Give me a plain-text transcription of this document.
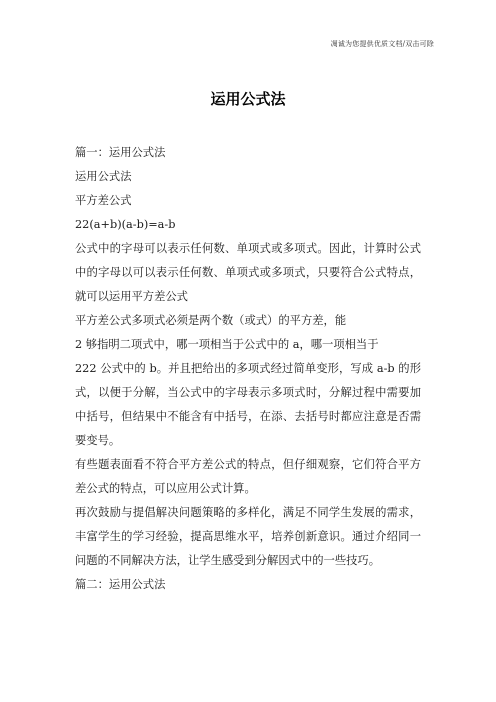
凋诚为您提供优质文档/双击可除
运用公式法
篇一：运用公式法
运用公式法
平方差公式
22(a+b)(a-b)=a-b
公式中的字母可以表示任何数、单项式或多项式。因此，计算时公式
中的字母以可以表示任何数、单项式或多项式，只要符合公式特点，
就可以运用平方差公式
平方差公式多项式必须是两个数（或式）的平方差，能
2 够指明二项式中，哪一项相当于公式中的 a，哪一项相当于
222 公式中的 b。并且把给出的多项式经过简单变形，写成 a-b 的形
式，以便于分解，当公式中的字母表示多项式时，分解过程中需要加
中括号，但结果中不能含有中括号，在添、去括号时都应注意是否需
要变号。
有些题表面看不符合平方差公式的特点，但仔细观察，它们符合平方
差公式的特点，可以应用公式计算。
再次鼓励与提倡解决问题策略的多样化，满足不同学生发展的需求，
丰富学生的学习经验，提高思维水平，培养创新意识。通过介绍同一
问题的不同解决方法，让学生感受到分解因式中的一些技巧。
篇二：运用公式法
